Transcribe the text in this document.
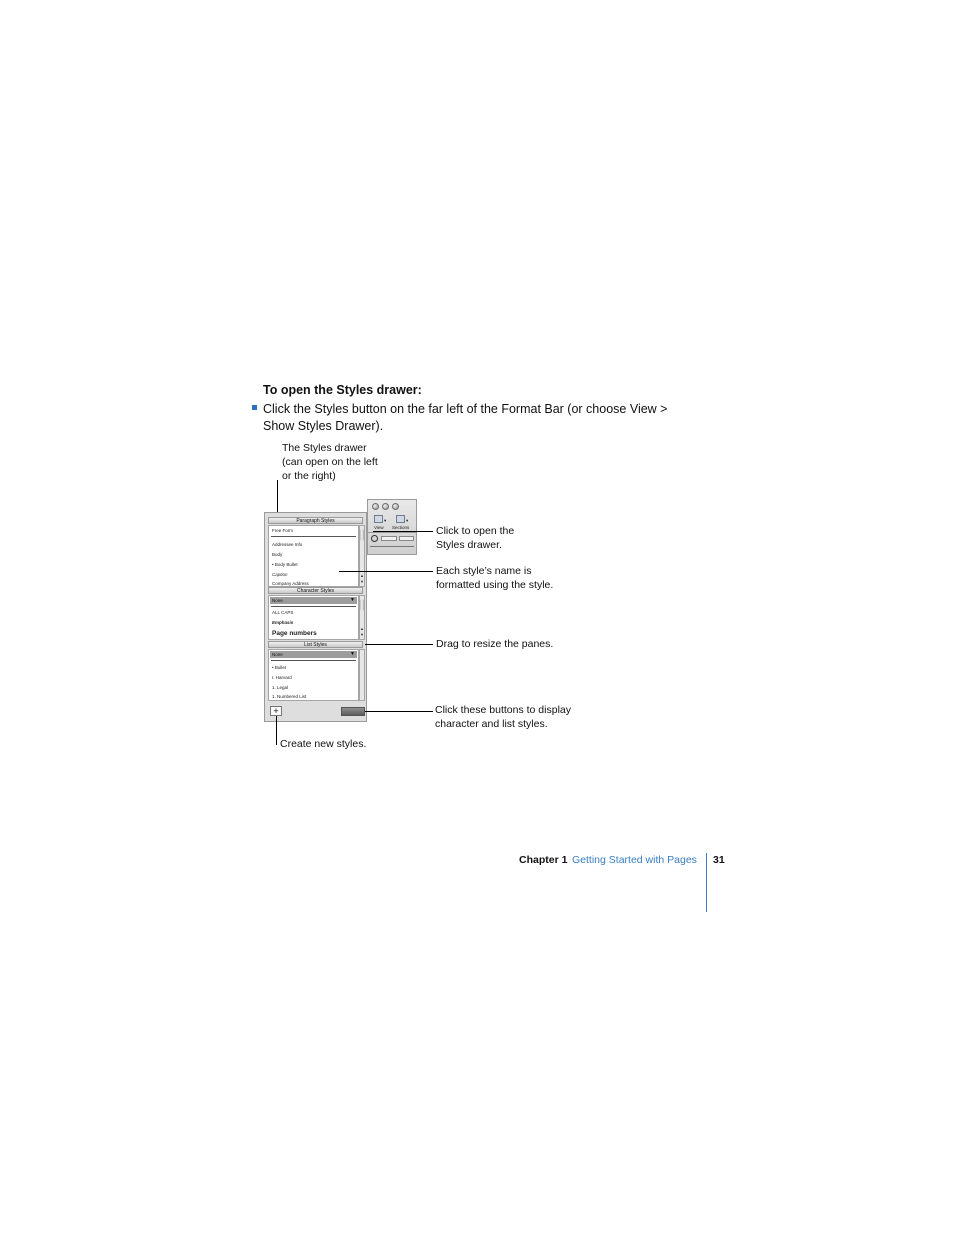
To open the Styles drawer:
Click the Styles button on the far left of the Format Bar (or choose View > Show Styles Drawer).
The Styles drawer
(can open on the left
or the right)
▾	▾
View Sections
Paragraph Styles
Free Form
Addressee Info
Body
• Body Bullet
Caption
Company Address
▲
▼
Character Styles
None	▼
ALL CAPS
Emphasis
Page numbers
▲
▼
List Styles
None	▼
• Bullet
I. Harvard
1. Legal
1. Numbered List
+
Click to open the
Styles drawer.
Each style’s name is
formatted using the style.
Drag to resize the panes.
Click these buttons to display
character and list styles.
Create new styles.
Chapter 1 Getting Started with Pages 31
